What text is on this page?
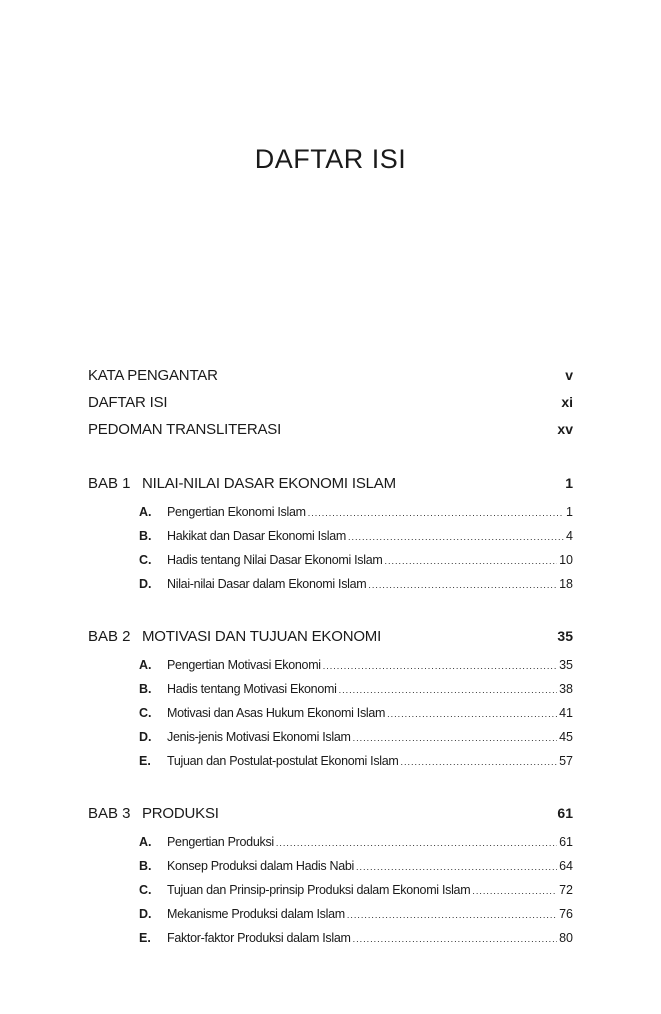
DAFTAR ISI
KATA PENGANTAR	v
DAFTAR ISI	xi
PEDOMAN TRANSLITERASI	xv
BAB 1 NILAI-NILAI DASAR EKONOMI ISLAM	1
A.	Pengertian Ekonomi Islam .....	1
B.	Hakikat dan Dasar Ekonomi Islam .....	4
C.	Hadis tentang Nilai Dasar Ekonomi Islam .....	10
D.	Nilai-nilai Dasar dalam Ekonomi Islam .....	18
BAB 2 MOTIVASI DAN TUJUAN EKONOMI	35
A.	Pengertian Motivasi Ekonomi .....	35
B.	Hadis tentang Motivasi Ekonomi .....	38
C.	Motivasi dan Asas Hukum Ekonomi Islam .....	41
D.	Jenis-jenis Motivasi Ekonomi Islam .....	45
E.	Tujuan dan Postulat-postulat Ekonomi Islam .....	57
BAB 3 PRODUKSI	61
A.	Pengertian Produksi .....	61
B.	Konsep Produksi dalam Hadis Nabi .....	64
C.	Tujuan dan Prinsip-prinsip Produksi dalam Ekonomi Islam .....	72
D.	Mekanisme Produksi dalam Islam .....	76
E.	Faktor-faktor Produksi dalam Islam .....	80
